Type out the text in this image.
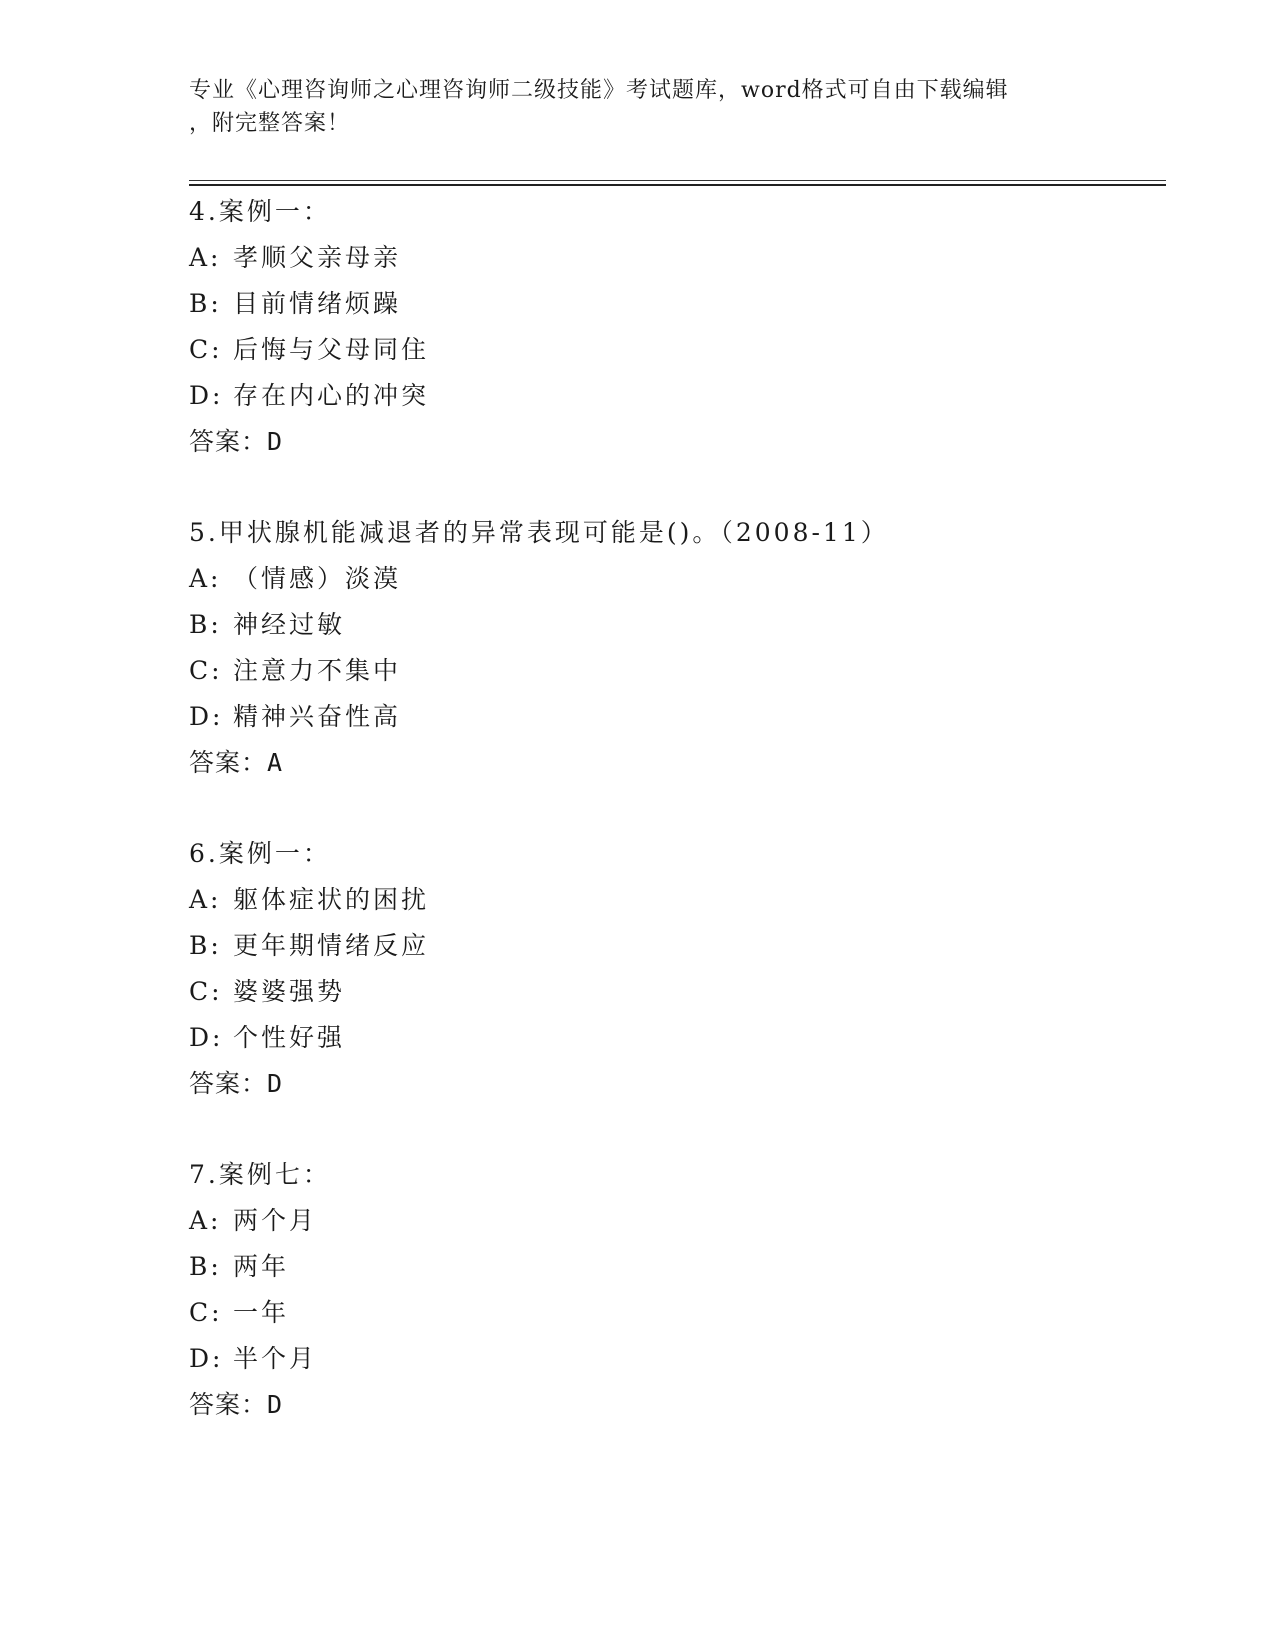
专业《心理咨询师之心理咨询师二级技能》考试题库，word格式可自由下载编辑
，附完整答案！
4.案例一：
A: 孝顺父亲母亲
B: 目前情绪烦躁
C: 后悔与父母同住
D: 存在内心的冲突
答案：D
5.甲状腺机能减退者的异常表现可能是()。（2008-11）
A: （情感）淡漠
B: 神经过敏
C: 注意力不集中
D: 精神兴奋性高
答案：A
6.案例一：
A: 躯体症状的困扰
B: 更年期情绪反应
C: 婆婆强势
D: 个性好强
答案：D
7.案例七：
A: 两个月
B: 两年
C: 一年
D: 半个月
答案：D
